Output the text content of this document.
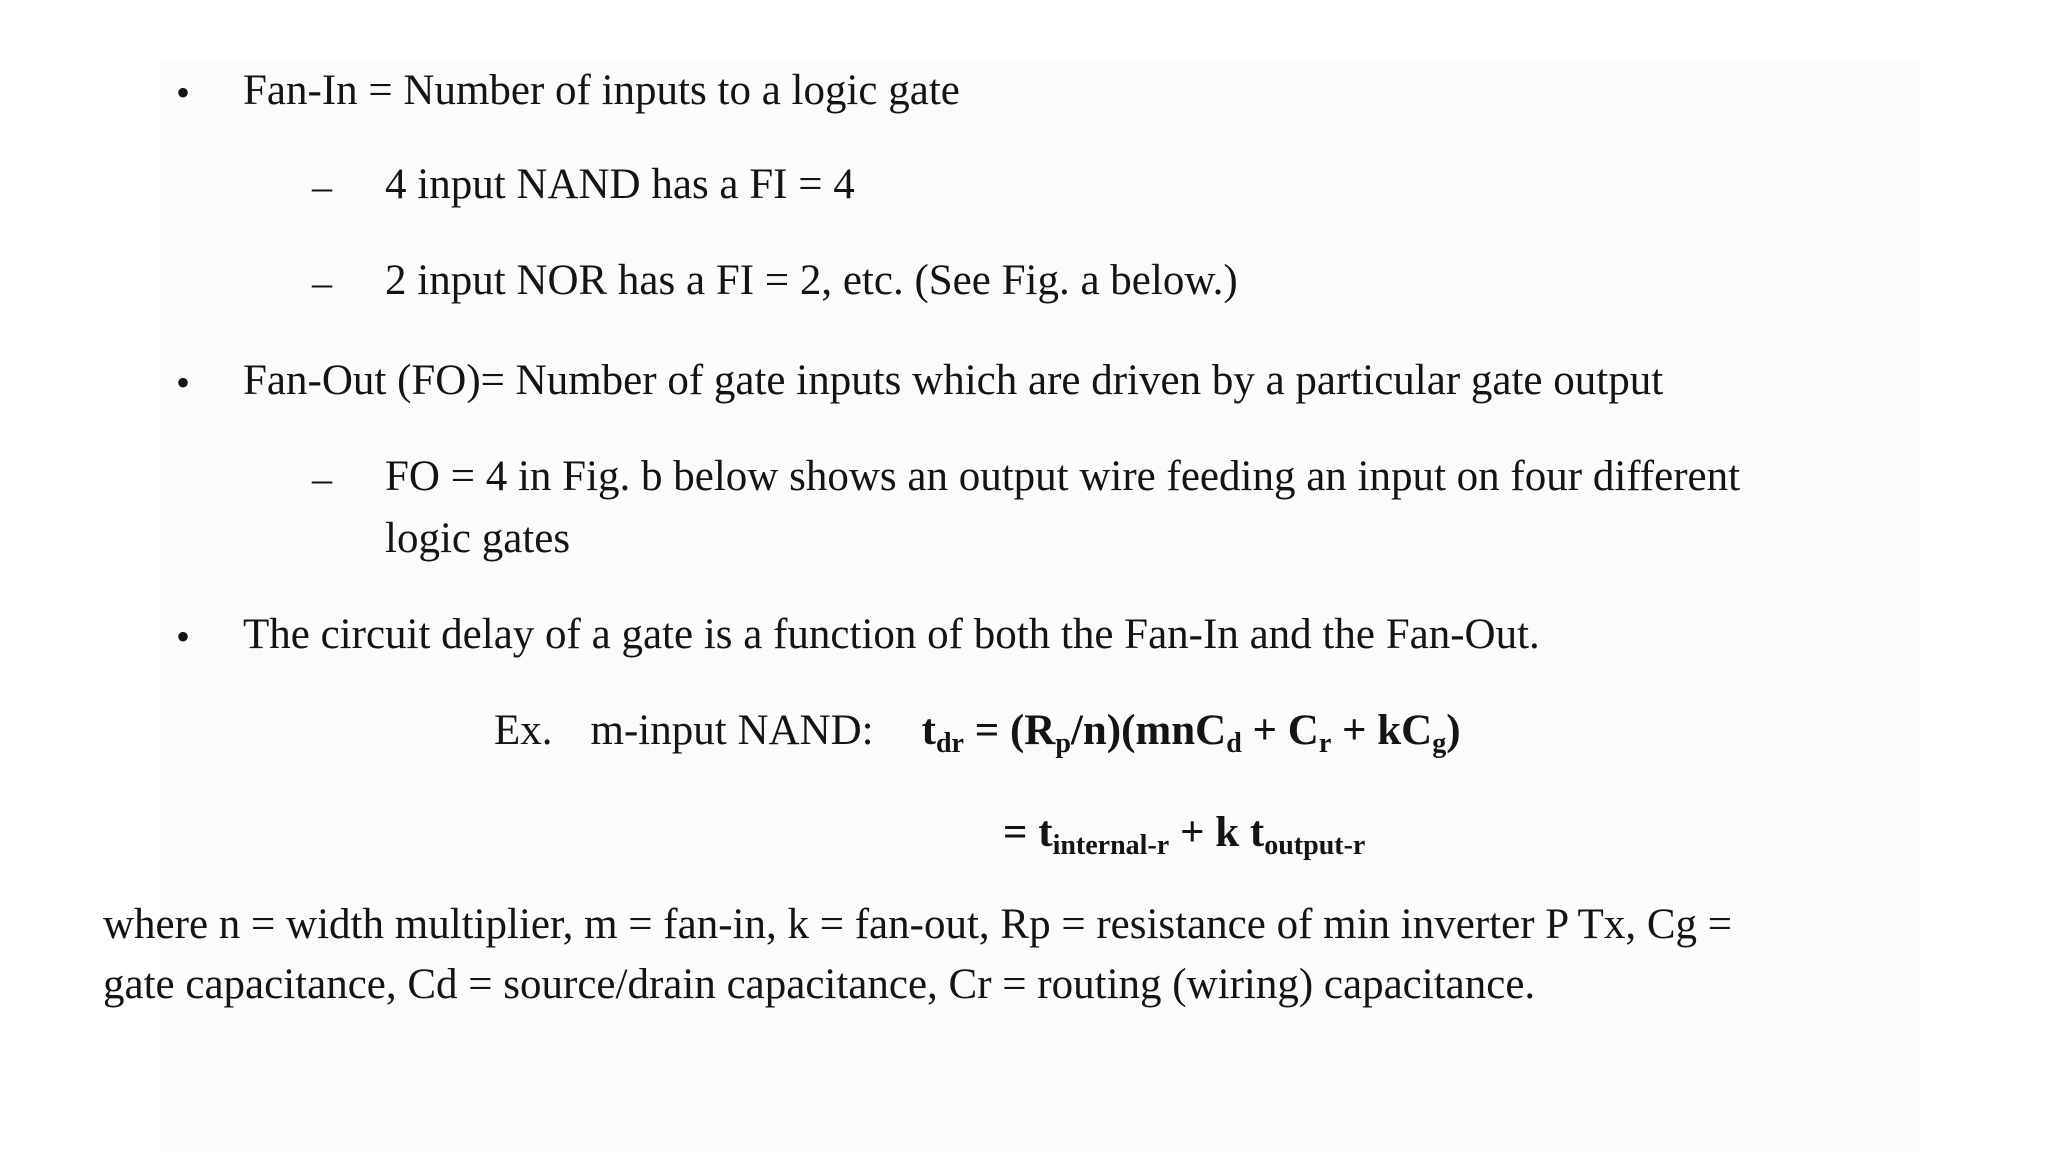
• Fan-In = Number of inputs to a logic gate
– 4 input NAND has a FI = 4
– 2 input NOR has a FI = 2, etc. (See Fig. a below.)
• Fan-Out (FO)= Number of gate inputs which are driven by a particular gate output
– FO = 4 in Fig. b below shows an output wire feeding an input on four different
logic gates
• The circuit delay of a gate is a function of both the Fan-In and the Fan-Out.
Ex. m-input NAND: $t_{dr} = (R_p/n)(mnC_d + C_r + kC_g)$
= $t_{internal-r} + k$ $t_{output-r}$
where n = width multiplier, m = fan-in, k = fan-out, Rp = resistance of min inverter P Tx, Cg =
gate capacitance, Cd = source/drain capacitance, Cr = routing (wiring) capacitance.
